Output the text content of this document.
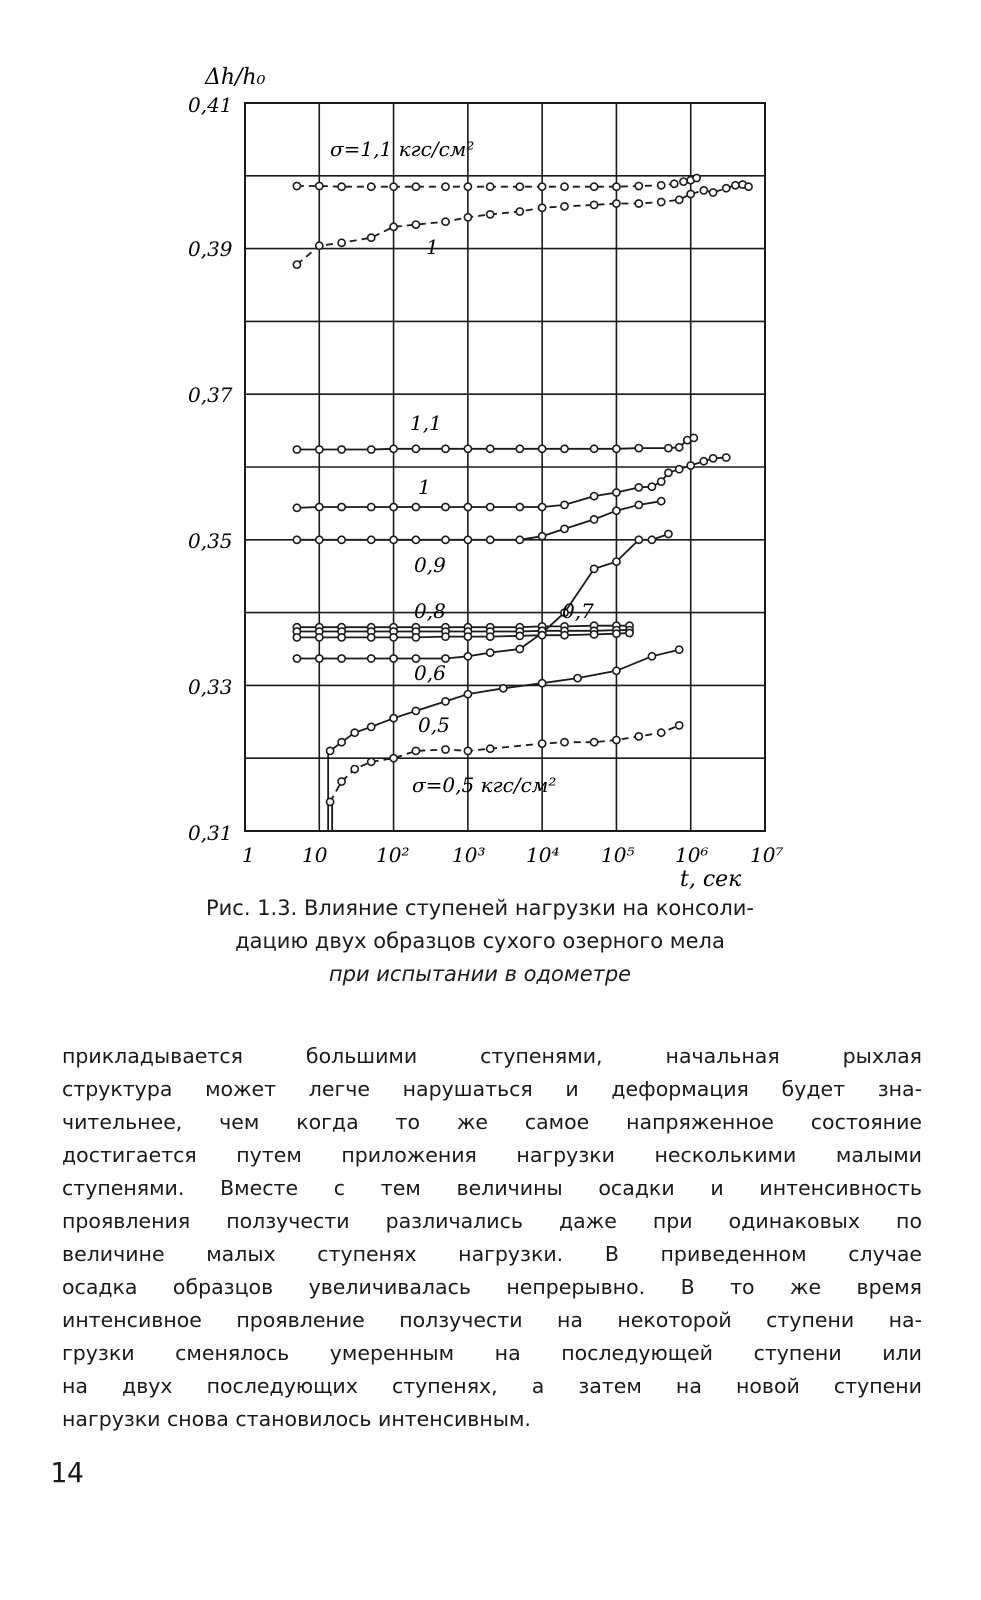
Δh/h₀
0,41
0,39
0,37
0,35
0,33
0,31
1 10 10² 10³ 10⁴ 10⁵ 10⁶ 10⁷
t, сек
σ=1,1 кгс/см²
σ=0,5 кгс/см²
1
1,1
1
0,9
0,8	0,7
0,6
0,5
Рис. 1.3. Влияние ступеней нагрузки на консоли-
дацию двух образцов сухого озерного мела
при испытании в одометре
прикладывается большими ступенями, начальная рыхлая
структура может легче нарушаться и деформация будет зна-
чительнее, чем когда то же самое напряженное состояние
достигается путем приложения нагрузки несколькими малыми
ступенями. Вместе с тем величины осадки и интенсивность
проявления ползучести различались даже при одинаковых по
величине малых ступенях нагрузки. В приведенном случае
осадка образцов увеличивалась непрерывно. В то же время
интенсивное проявление ползучести на некоторой ступени на-
грузки сменялось умеренным на последующей ступени или
на двух последующих ступенях, а затем на новой ступени
нагрузки снова становилось интенсивным.
14
